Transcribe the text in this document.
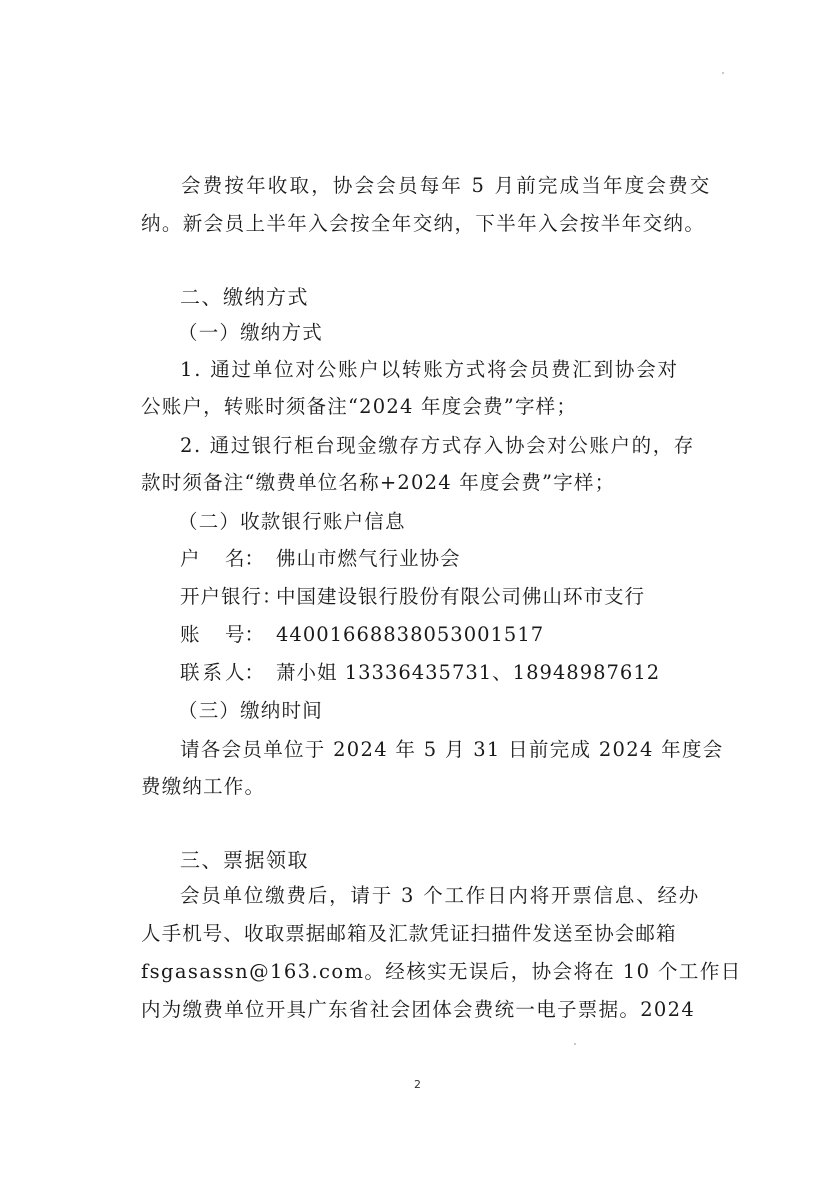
会费按年收取，协会会员每年 5 月前完成当年度会费交
纳。新会员上半年入会按全年交纳，下半年入会按半年交纳。
二、缴纳方式
（一）缴纳方式
1. 通过单位对公账户以转账方式将会员费汇到协会对
公账户，转账时须备注“2024 年度会费”字样；
2. 通过银行柜台现金缴存方式存入协会对公账户的，存
款时须备注“缴费单位名称+2024 年度会费”字样；
（二）收款银行账户信息
户 名： 佛山市燃气行业协会
开户银行：
中国建设银行股份有限公司佛山环市支行
账 号： 44001668838053001517
联 系 人： 萧小姐 13336435731、18948987612
（三）缴纳时间
请各会员单位于 2024 年 5 月 31 日前完成 2024 年度会
费缴纳工作。
三、票据领取
会员单位缴费后，请于 3 个工作日内将开票信息、经办
人手机号、收取票据邮箱及汇款凭证扫描件发送至协会邮箱
fsgasassn@163.com。经核实无误后，协会将在 10 个工作日
内为缴费单位开具广东省社会团体会费统一电子票据。2024
2
